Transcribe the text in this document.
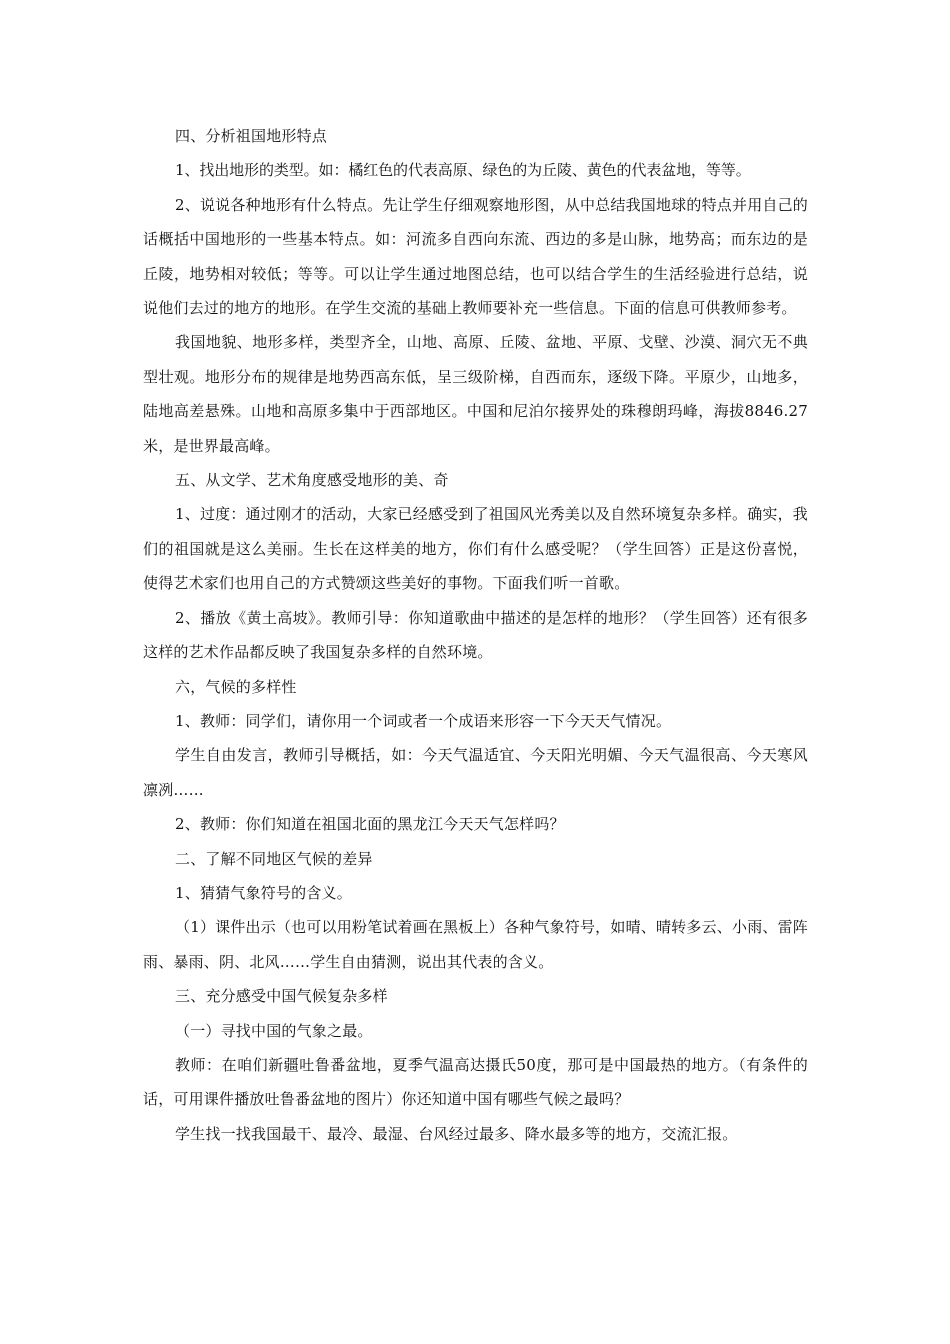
四、分析祖国地形特点

1、找出地形的类型。如：橘红色的代表高原、绿色的为丘陵、黄色的代表盆地，等等。

2、说说各种地形有什么特点。先让学生仔细观察地形图，从中总结我国地球的特点并用自己的话概括中国地形的一些基本特点。如：河流多自西向东流、西边的多是山脉，地势高；而东边的是丘陵，地势相对较低；等等。可以让学生通过地图总结，也可以结合学生的生活经验进行总结，说说他们去过的地方的地形。在学生交流的基础上教师要补充一些信息。下面的信息可供教师参考。

我国地貌、地形多样，类型齐全，山地、高原、丘陵、盆地、平原、戈壁、沙漠、洞穴无不典型壮观。地形分布的规律是地势西高东低，呈三级阶梯，自西而东，逐级下降。平原少，山地多，陆地高差悬殊。山地和高原多集中于西部地区。中国和尼泊尔接界处的珠穆朗玛峰，海拔8846.27米，是世界最高峰。

五、从文学、艺术角度感受地形的美、奇

1、过度：通过刚才的活动，大家已经感受到了祖国风光秀美以及自然环境复杂多样。确实，我们的祖国就是这么美丽。生长在这样美的地方，你们有什么感受呢？（学生回答）正是这份喜悦，使得艺术家们也用自己的方式赞颂这些美好的事物。下面我们听一首歌。

2、播放《黄土高坡》。教师引导：你知道歌曲中描述的是怎样的地形？（学生回答）还有很多这样的艺术作品都反映了我国复杂多样的自然环境。

六，气候的多样性

1、教师：同学们，请你用一个词或者一个成语来形容一下今天天气情况。

学生自由发言，教师引导概括，如：今天气温适宜、今天阳光明媚、今天气温很高、今天寒风凛冽……

2、教师：你们知道在祖国北面的黑龙江今天天气怎样吗？

二、了解不同地区气候的差异

1、猜猜气象符号的含义。

（1）课件出示（也可以用粉笔试着画在黑板上）各种气象符号，如晴、晴转多云、小雨、雷阵雨、暴雨、阴、北风……学生自由猜测，说出其代表的含义。

三、充分感受中国气候复杂多样

（一）寻找中国的气象之最。

教师：在咱们新疆吐鲁番盆地，夏季气温高达摄氏50度，那可是中国最热的地方。（有条件的话，可用课件播放吐鲁番盆地的图片）你还知道中国有哪些气候之最吗？

学生找一找我国最干、最冷、最湿、台风经过最多、降水最多等的地方，交流汇报。
